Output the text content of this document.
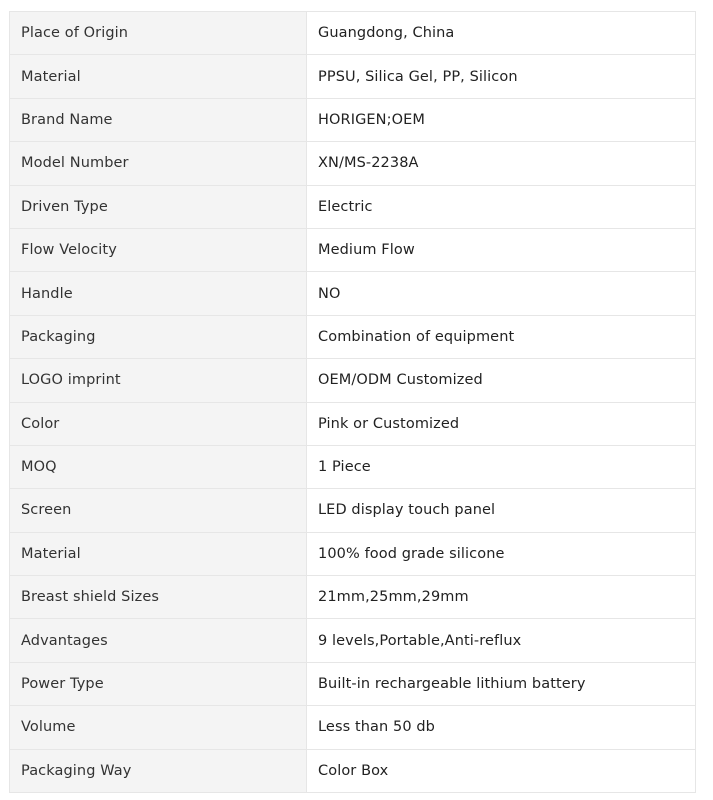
Place of Origin	Guangdong, China
Material	PPSU, Silica Gel, PP, Silicon
Brand Name	HORIGEN;OEM
Model Number	XN/MS-2238A
Driven Type	Electric
Flow Velocity	Medium Flow
Handle	NO
Packaging	Combination of equipment
LOGO imprint	OEM/ODM Customized
Color	Pink or Customized
MOQ	1 Piece
Screen	LED display touch panel
Material	100% food grade silicone
Breast shield Sizes	21mm,25mm,29mm
Advantages	9 levels,Portable,Anti-reflux
Power Type	Built-in rechargeable lithium battery
Volume	Less than 50 db
Packaging Way	Color Box
